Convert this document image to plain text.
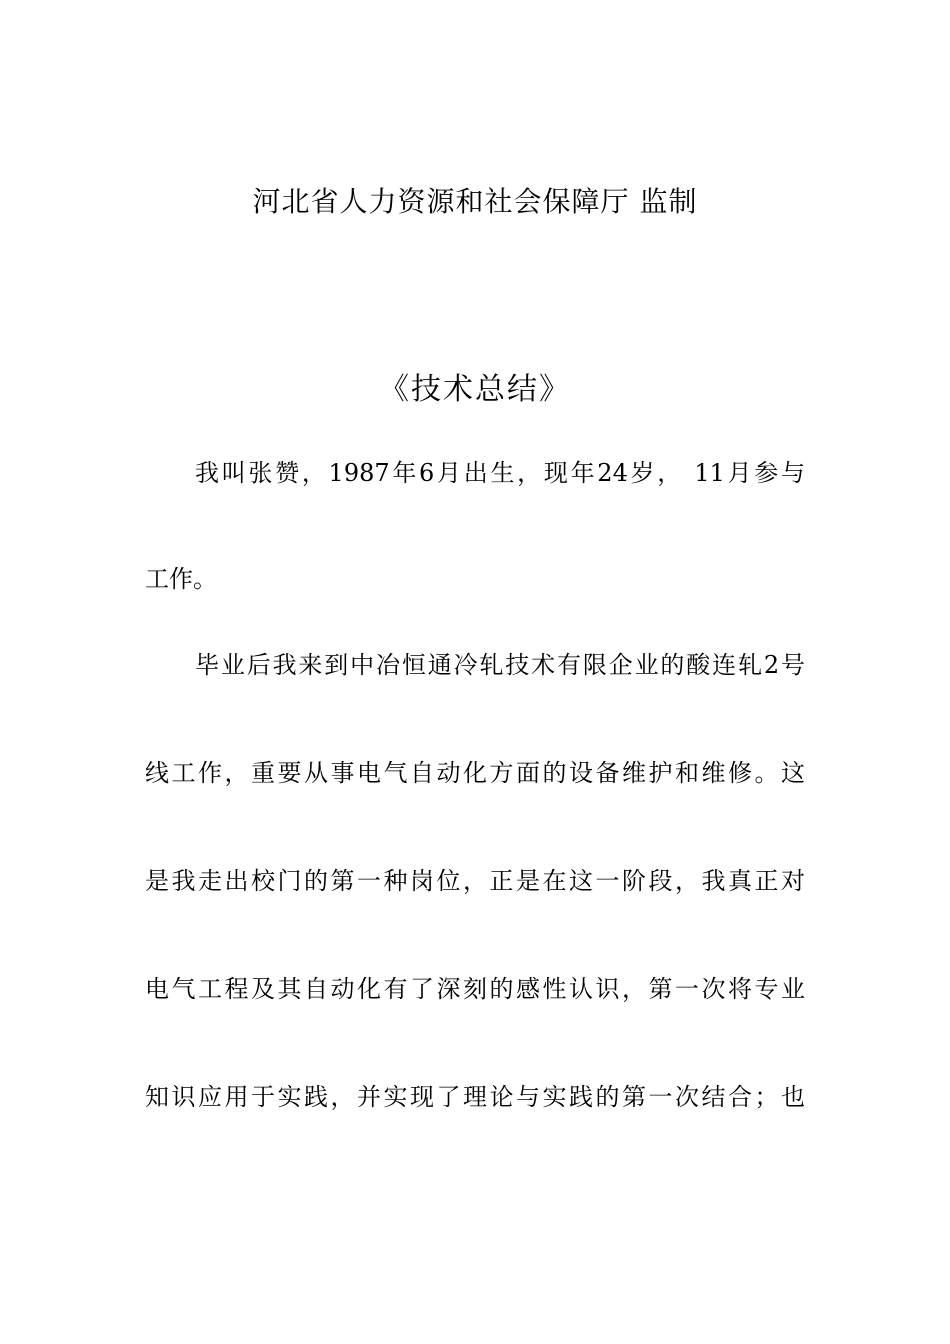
河北省人力资源和社会保障厅 监制
《技术总结》
我叫张赞，1987年6月出生，现年24岁， 11月参与
工作。
毕业后我来到中冶恒通冷轧技术有限企业的酸连轧2号
线工作，重要从事电气自动化方面的设备维护和维修。这
是我走出校门的第一种岗位，正是在这一阶段，我真正对
电气工程及其自动化有了深刻的感性认识，第一次将专业
知识应用于实践，并实现了理论与实践的第一次结合；也
